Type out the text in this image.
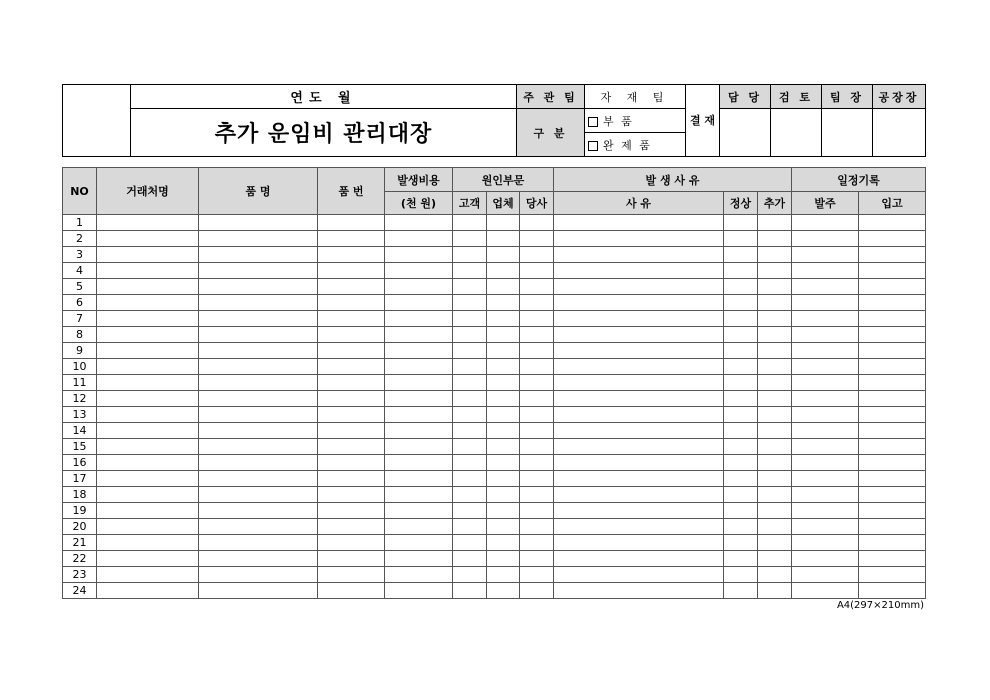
	연도 월	주 관 팀	자 재 팀	결 재	담 당	검 토	팀 장	공장장
	추가 운임비 관리대장	구 분	부 품					
			완 제 품					
NO	거래처명	품 명	품 번	발생비용	원인부문			발 생 사 유			일정기록	
				(천 원)	고객	업체	당사	사 유	정상	추가	발주	입고
1												
2												
3												
4												
5												
6												
7												
8												
9												
10												
11												
12												
13												
14												
15												
16												
17												
18												
19												
20												
21												
22												
23												
24												
A4(297×210mm)
